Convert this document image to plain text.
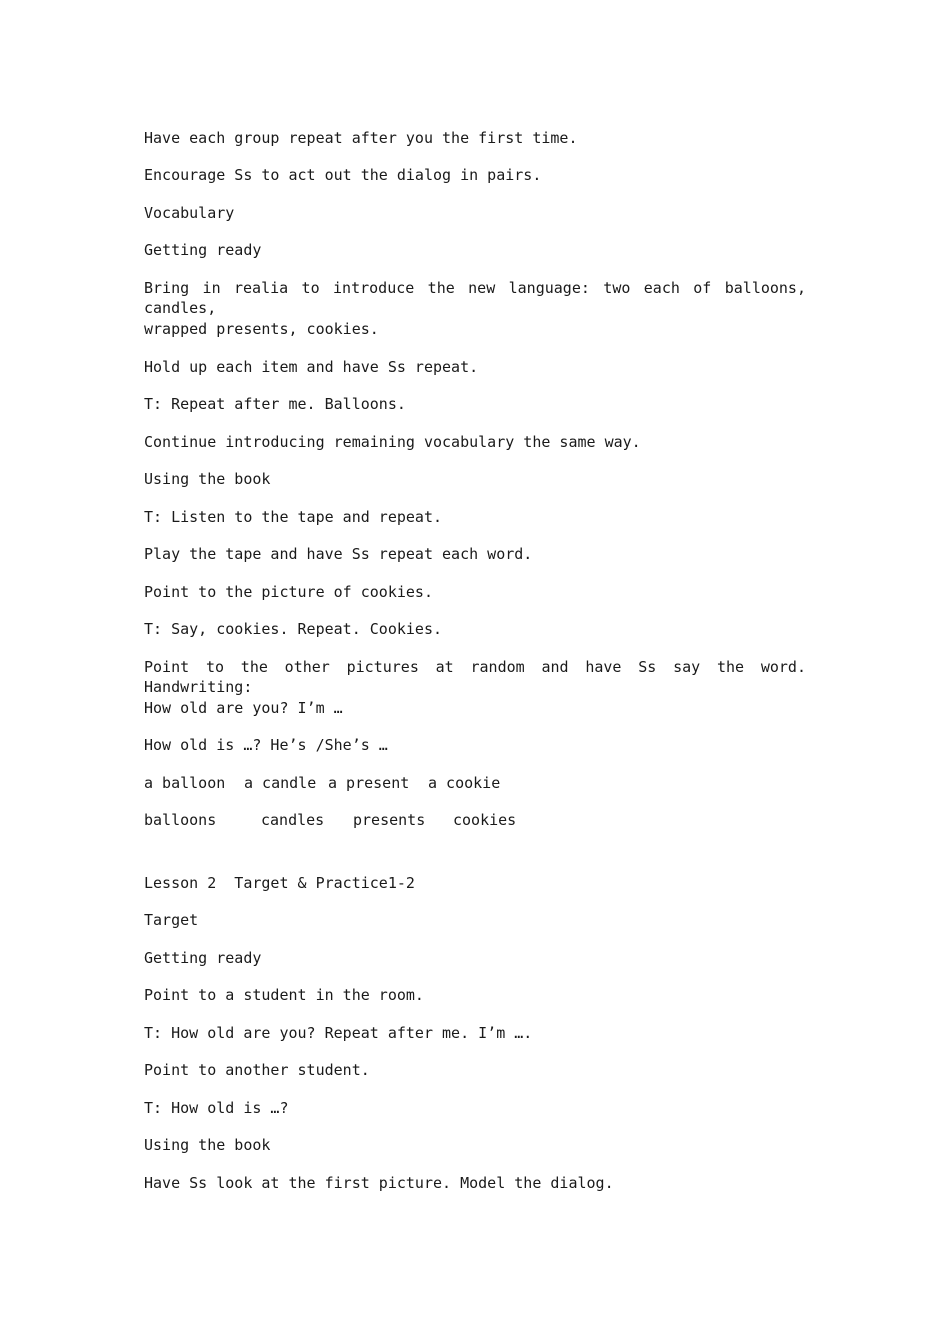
Have each group repeat after you the first time.

Encourage Ss to act out the dialog in pairs.

Vocabulary

Getting ready

Bring in realia to introduce the new language: two each of balloons, candles,

wrapped presents, cookies.

Hold up each item and have Ss repeat.

T: Repeat after me. Balloons.

Continue introducing remaining vocabulary the same way.

Using the book

T: Listen to the tape and repeat.

Play the tape and have Ss repeat each word.

Point to the picture of cookies.

T: Say, cookies. Repeat. Cookies.

Point to the other pictures at random and have Ss say the word. Handwriting:

How old are you? I’m …

How old is …? He’s /She’s …

a balloon a candle a present a cookie
balloons	candles presents cookies

Lesson 2  Target & Practice1-2

Target

Getting ready

Point to a student in the room.

T: How old are you? Repeat after me. I’m ….

Point to another student.

T: How old is …?

Using the book

Have Ss look at the first picture. Model the dialog.
